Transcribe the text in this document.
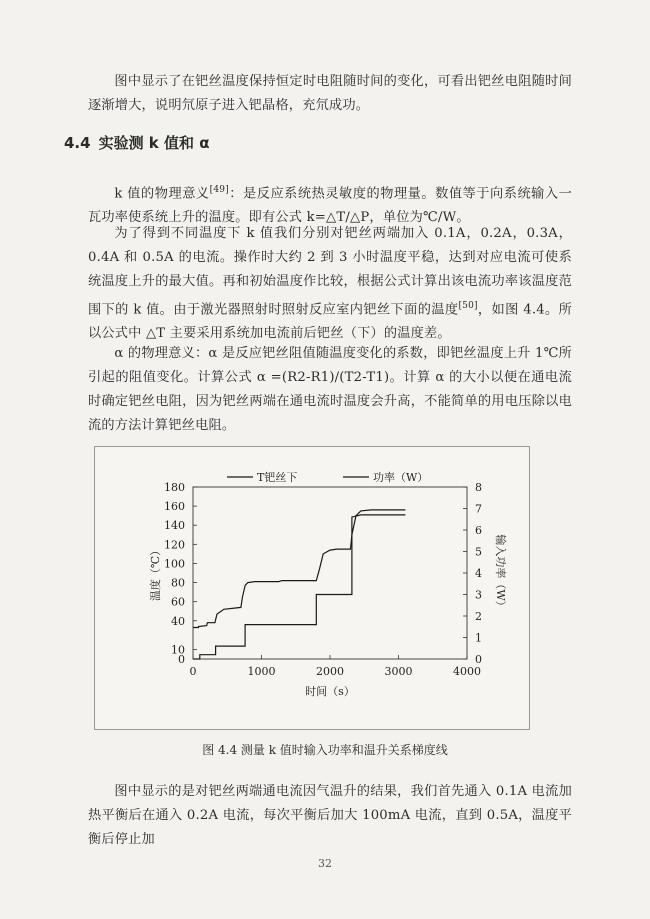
图中显示了在钯丝温度保持恒定时电阻随时间的变化，可看出钯丝电阻随时间逐渐增大，说明氘原子进入钯晶格，充氘成功。

4.4 实验测 k 值和 α

k 值的物理意义[49]：是反应系统热灵敏度的物理量。数值等于向系统输入一瓦功率使系统上升的温度。即有公式 k=△T/△P，单位为℃/W。

为了得到不同温度下 k 值我们分别对钯丝两端加入 0.1A，0.2A，0.3A，0.4A 和 0.5A 的电流。操作时大约 2 到 3 小时温度平稳，达到对应电流可使系统温度上升的最大值。再和初始温度作比较，根据公式计算出该电流功率该温度范围下的 k 值。由于激光器照射时照射反应室内钯丝下面的温度[50]，如图 4.4。所以公式中 △T 主要采用系统加电流前后钯丝（下）的温度差。

α 的物理意义：α 是反应钯丝阻值随温度变化的系数，即钯丝温度上升 1℃所引起的阻值变化。计算公式 α =(R2-R1)/(T2-T1)。计算 α 的大小以便在通电流时确定钯丝电阻，因为钯丝两端在通电流时温度会升高，不能简单的用电压除以电流的方法计算钯丝电阻。

0	1000	2000	3000	4000
0
10
40
60
80
100
120
140
160
180
0
1
2
3
4
5
6
7
8
时间（s）
温度（℃）	输入功率（W）
T钯丝下	功率（W）

图 4.4 测量 k 值时输入功率和温升关系梯度线

图中显示的是对钯丝两端通电流因气温升的结果，我们首先通入 0.1A 电流加热平衡后在通入 0.2A 电流，每次平衡后加大 100mA 电流，直到 0.5A，温度平衡后停止加

32
